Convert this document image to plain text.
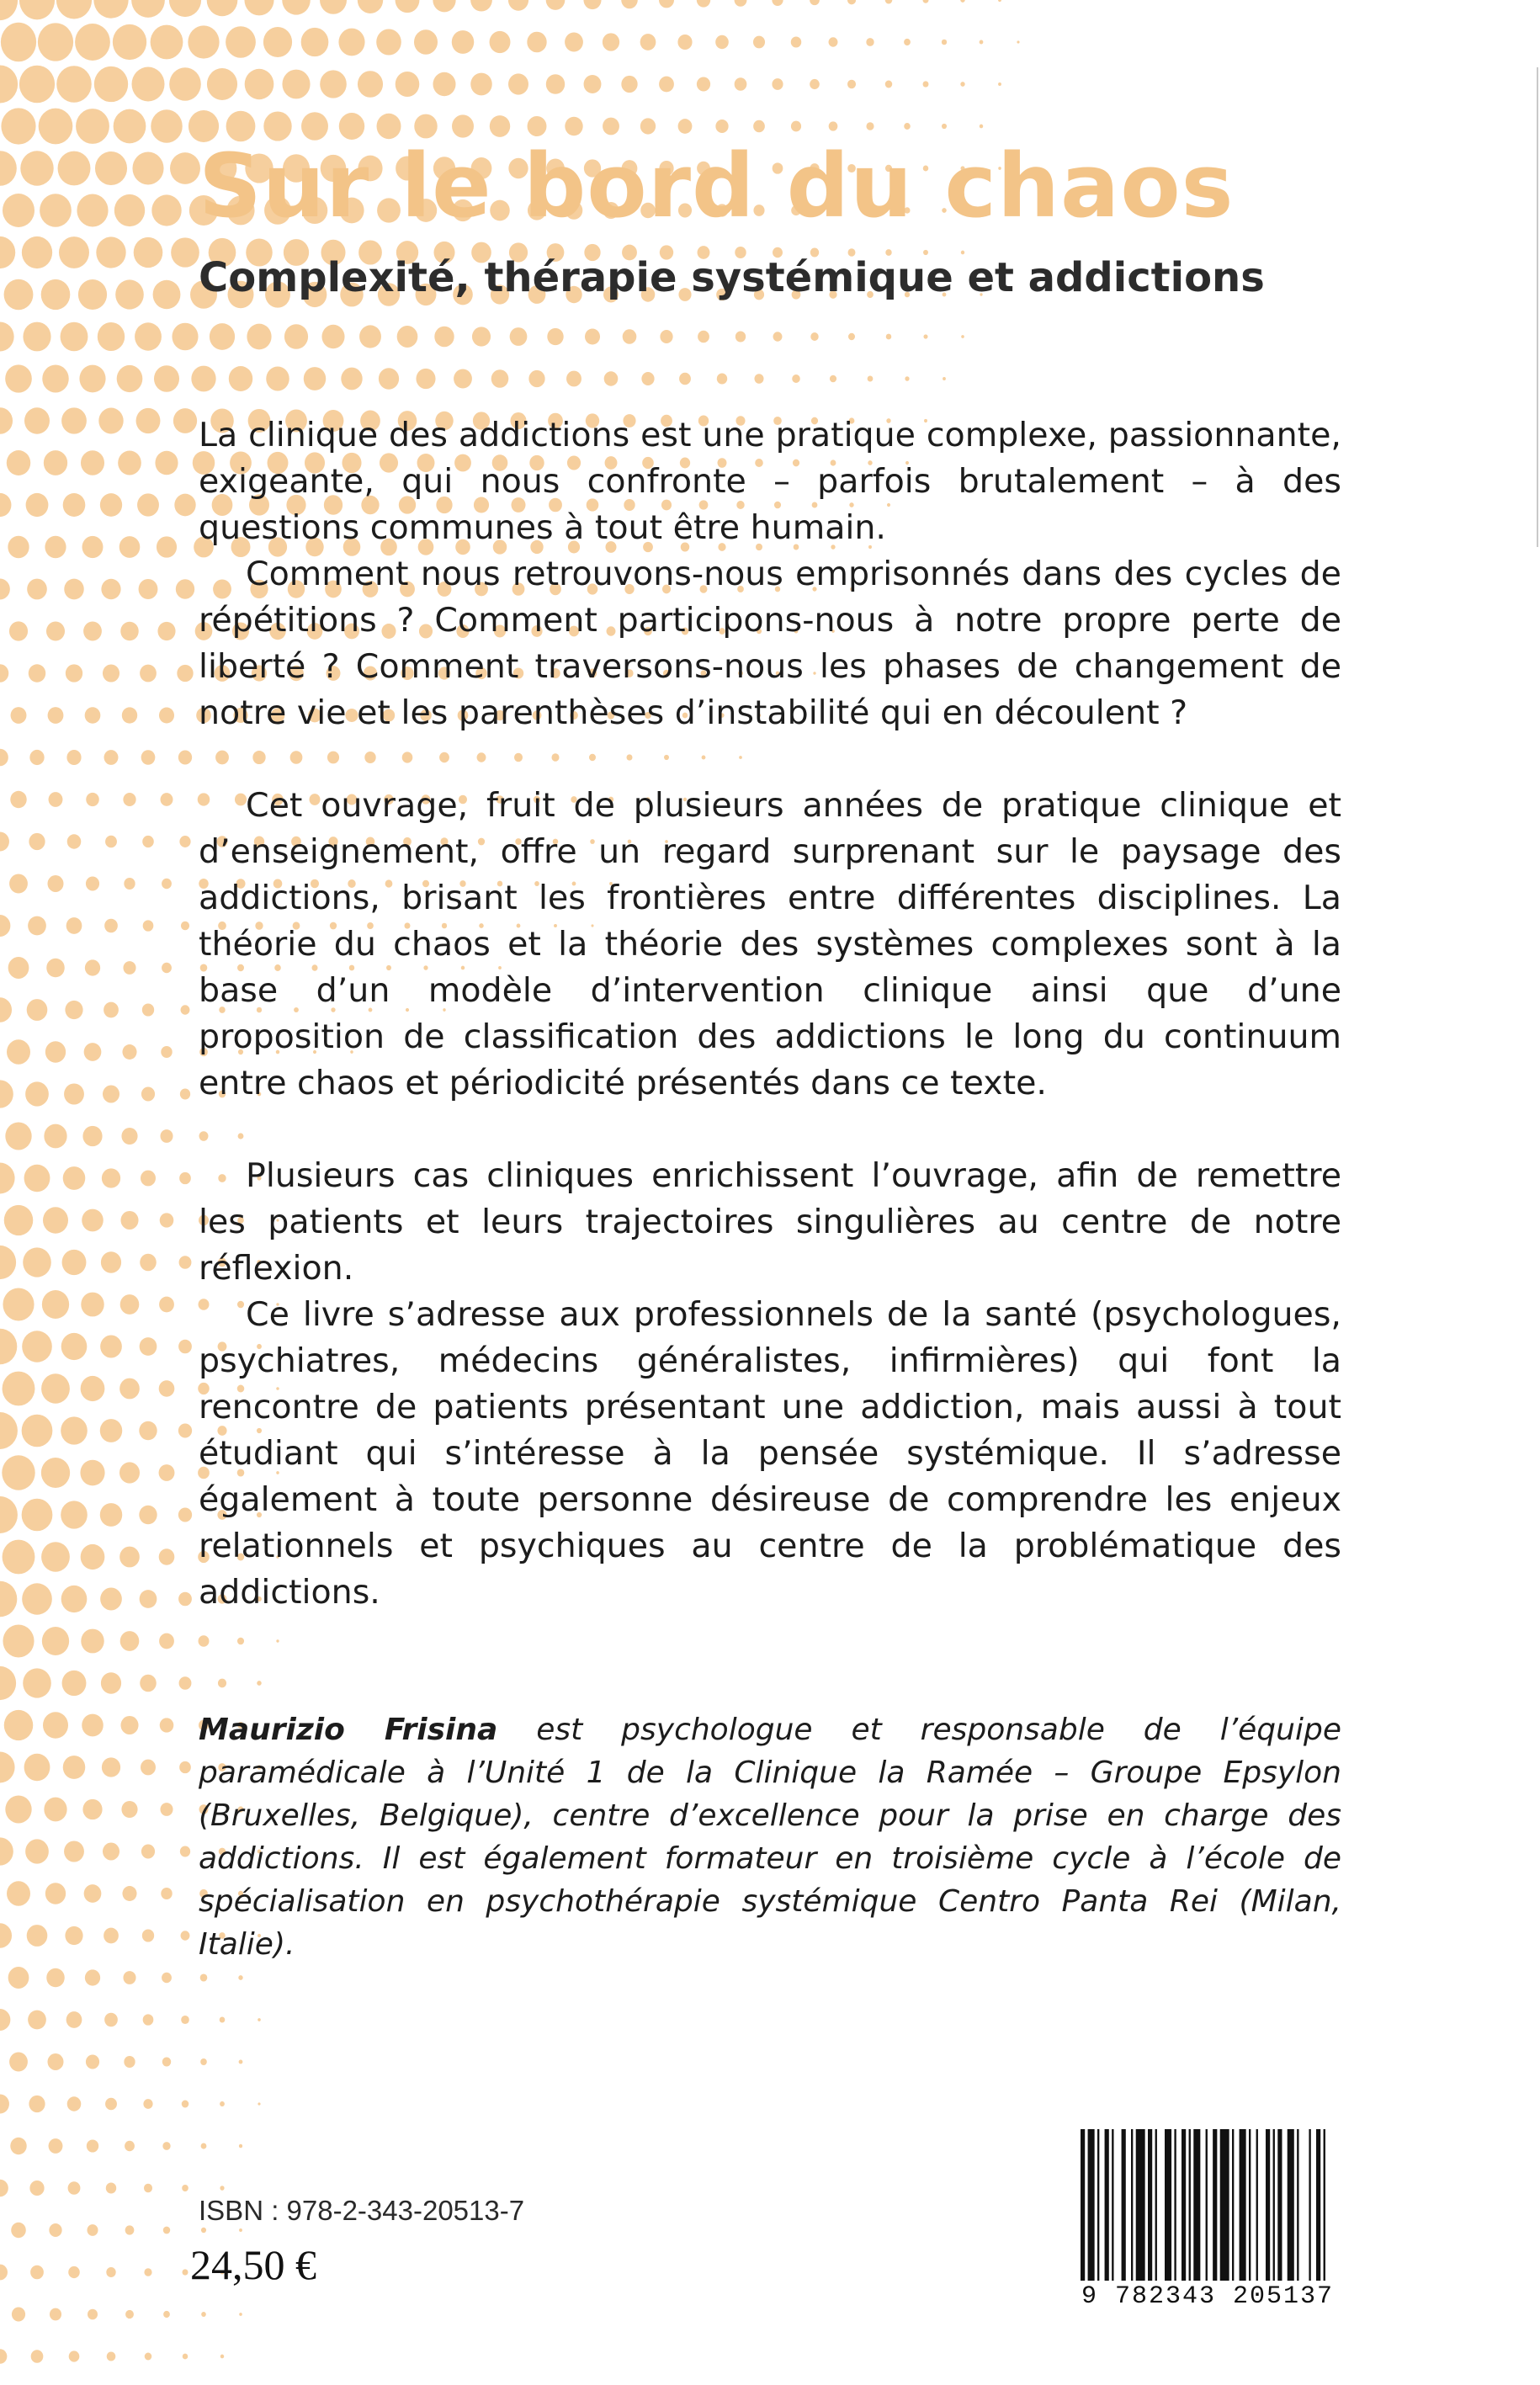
Sur le bord du chaos
Complexité, thérapie systémique et addictions

La clinique des addictions est une pratique complexe, passionnante, exigeante, qui nous confronte – parfois brutalement – à des questions communes à tout être humain.

Comment nous retrouvons-nous emprisonnés dans des cycles de répétitions ? Comment participons-nous à notre propre perte de liberté ? Comment traversons-nous les phases de changement de notre vie et les parenthèses d’instabilité qui en découlent ?

Cet ouvrage, fruit de plusieurs années de pratique clinique et d’enseignement, offre un regard surprenant sur le paysage des addictions, brisant les frontières entre différentes disciplines. La théorie du chaos et la théorie des systèmes complexes sont à la base d’un modèle d’intervention clinique ainsi que d’une proposition de classification des addictions le long du continuum entre chaos et périodicité présentés dans ce texte.

Plusieurs cas cliniques enrichissent l’ouvrage, afin de remettre les patients et leurs trajectoires singulières au centre de notre réflexion.

Ce livre s’adresse aux professionnels de la santé (psychologues, psychiatres, médecins généralistes, infirmières) qui font la rencontre de patients présentant une addiction, mais aussi à tout étudiant qui s’intéresse à la pensée systémique. Il s’adresse également à toute personne désireuse de comprendre les enjeux relationnels et psychiques au centre de la problématique des addictions.

Maurizio Frisina est psychologue et responsable de l’équipe paramédicale à l’Unité 1 de la Clinique la Ramée – Groupe Epsylon (Bruxelles, Belgique), centre d’excellence pour la prise en charge des addictions. Il est également formateur en troisième cycle à l’école de spécialisation en psychothérapie systémique Centro Panta Rei (Milan, Italie).

ISBN : 978-2-343-20513-7

24,50 €

9 782343 205137
